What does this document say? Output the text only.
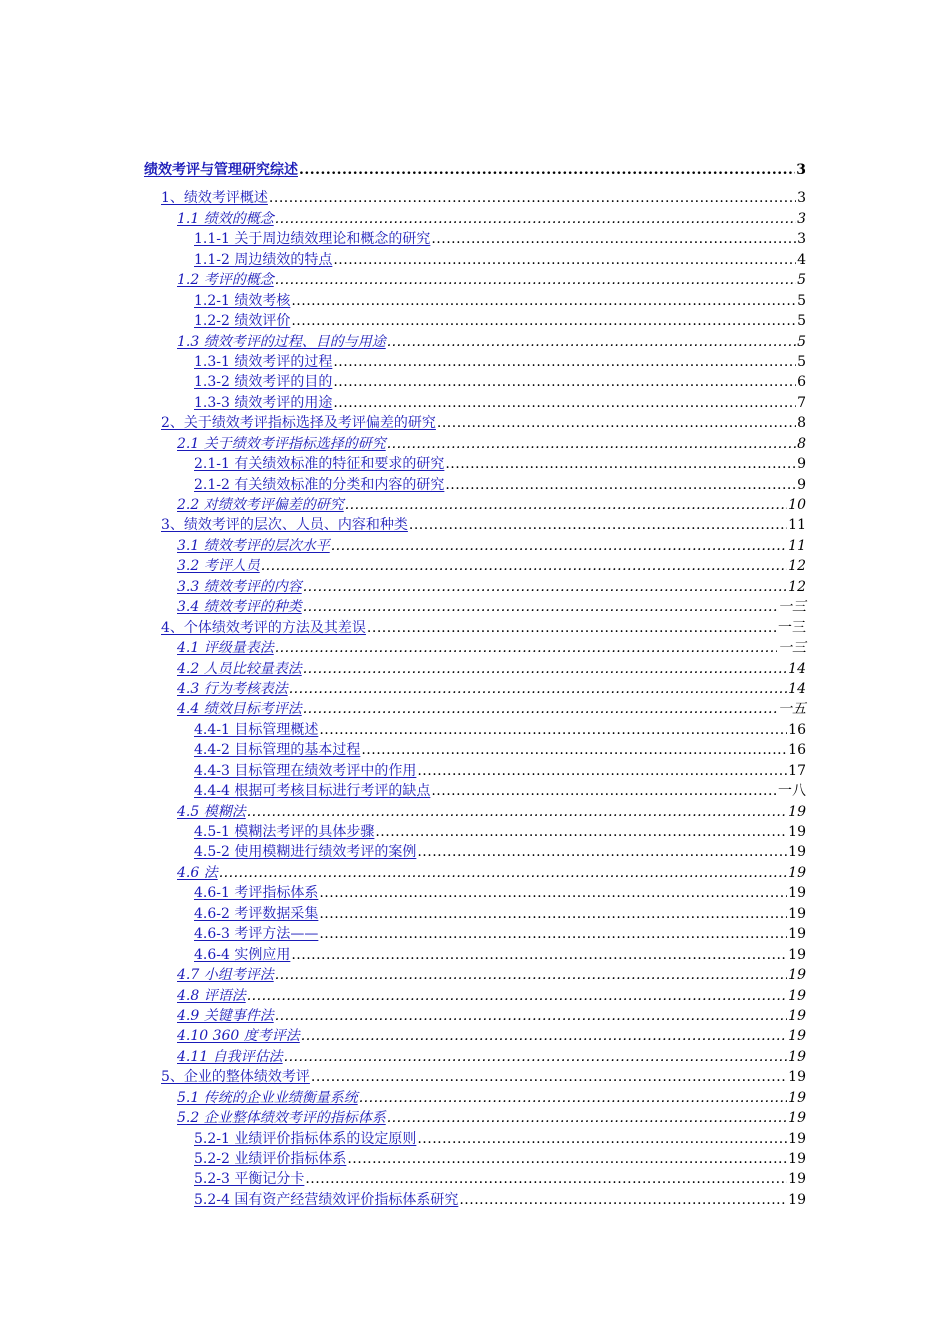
绩效考评与管理研究综述 .....	3
1、绩效考评概述 .....	3
1.1 绩效的概念 .....	3
1.1-1 关于周边绩效理论和概念的研究 .....	3
1.1-2 周边绩效的特点 .....	4
1.2 考评的概念 .....	5
1.2-1 绩效考核 .....	5
1.2-2 绩效评价 .....	5
1.3 绩效考评的过程、目的与用途 .....	5
1.3-1 绩效考评的过程 .....	5
1.3-2 绩效考评的目的 .....	6
1.3-3 绩效考评的用途 .....	7
2、关于绩效考评指标选择及考评偏差的研究 .....	8
2.1 关于绩效考评指标选择的研究 .....	8
2.1-1 有关绩效标准的特征和要求的研究 .....	9
2.1-2 有关绩效标准的分类和内容的研究 .....	9
2.2 对绩效考评偏差的研究 .....	10
3、绩效考评的层次、人员、内容和种类 .....	11
3.1 绩效考评的层次水平 .....	11
3.2 考评人员 .....	12
3.3 绩效考评的内容 .....	12
3.4 绩效考评的种类 .....	一三
4、个体绩效考评的方法及其差误 .....	一三
4.1 评级量表法 .....	一三
4.2 人员比较量表法 .....	14
4.3 行为考核表法 .....	14
4.4 绩效目标考评法 .....	一五
4.4-1 目标管理概述 .....	16
4.4-2 目标管理的基本过程 .....	16
4.4-3 目标管理在绩效考评中的作用 .....	17
4.4-4 根据可考核目标进行考评的缺点 .....	一八
4.5 模糊法 .....	19
4.5-1 模糊法考评的具体步骤 .....	19
4.5-2 使用模糊进行绩效考评的案例 .....	19
4.6 法 .....	19
4.6-1 考评指标体系 .....	19
4.6-2 考评数据采集 .....	19
4.6-3 考评方法—— .....	19
4.6-4 实例应用 .....	19
4.7 小组考评法 .....	19
4.8 评语法 .....	19
4.9 关键事件法 .....	19
4.10 360 度考评法 .....	19
4.11 自我评估法 .....	19
5、企业的整体绩效考评 .....	19
5.1 传统的企业业绩衡量系统 .....	19
5.2 企业整体绩效考评的指标体系 .....	19
5.2-1 业绩评价指标体系的设定原则 .....	19
5.2-2 业绩评价指标体系 .....	19
5.2-3 平衡记分卡 .....	19
5.2-4 国有资产经营绩效评价指标体系研究 .....	19
